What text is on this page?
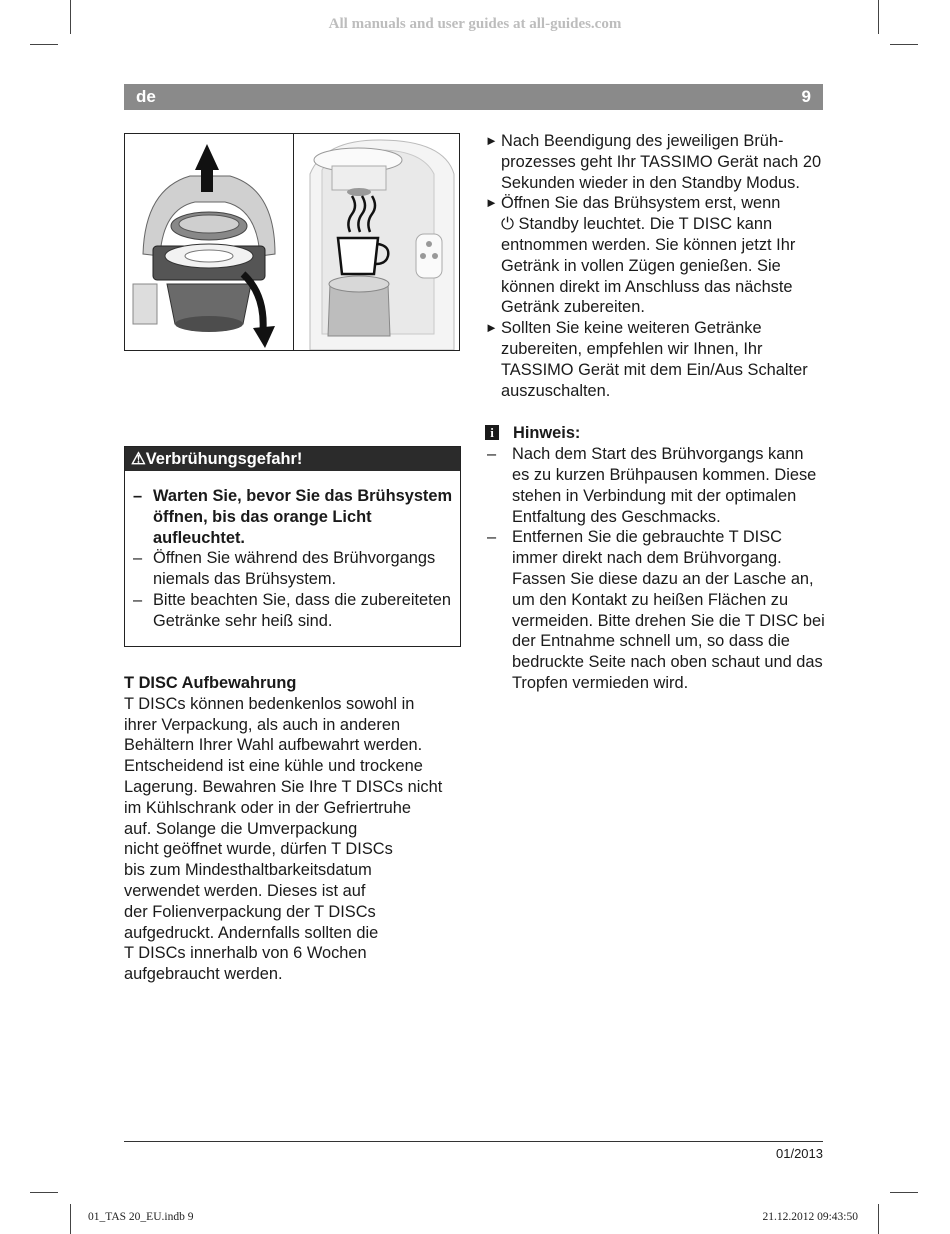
All manuals and user guides at all-guides.com
de	9
► Nach Beendigung des jeweiligen Brühprozesses geht Ihr TASSIMO Gerät nach 20 Sekunden wieder in den Standby Modus.
► Öffnen Sie das Brühsystem erst, wenn
⏻ Standby leuchtet. Die T DISC kann entnommen werden. Sie können jetzt Ihr Getränk in vollen Zügen genießen. Sie können direkt im Anschluss das nächste Getränk zubereiten.
► Sollten Sie keine weiteren Getränke zubereiten, empfehlen wir Ihnen, Ihr TASSIMO Gerät mit dem Ein/Aus Schalter auszuschalten.
i	Hinweis:
– Nach dem Start des Brühvorgangs kann es zu kurzen Brühpausen kommen. Diese stehen in Verbindung mit der optimalen Entfaltung des Geschmacks.
– Entfernen Sie die gebrauchte T DISC immer direkt nach dem Brühvorgang. Fassen Sie diese dazu an der Lasche an, um den Kontakt zu heißen Flächen zu vermeiden. Bitte drehen Sie die T DISC bei der Entnahme schnell um, so dass die bedruckte Seite nach oben schaut und das Tropfen vermieden wird.
⚠Verbrühungsgefahr!
– Warten Sie, bevor Sie das Brühsystem öffnen, bis das orange Licht aufleuchtet.
– Öffnen Sie während des Brühvorgangs niemals das Brühsystem.
– Bitte beachten Sie, dass die zubereiteten Getränke sehr heiß sind.
T DISC Aufbewahrung
T DISCs können bedenkenlos sowohl in
ihrer Verpackung, als auch in anderen
Behältern Ihrer Wahl aufbewahrt werden.
Entscheidend ist eine kühle und trockene
Lagerung. Bewahren Sie Ihre T DISCs nicht
im Kühlschrank oder in der Gefriertruhe
auf. Solange die Umverpackung
nicht geöffnet wurde, dürfen T DISCs
bis zum Mindesthaltbarkeitsdatum
verwendet werden. Dieses ist auf
der Folienverpackung der T DISCs
aufgedruckt. Andernfalls sollten die
T DISCs innerhalb von 6 Wochen
aufgebraucht werden.
01/2013
01_TAS 20_EU.indb 9	21.12.2012 09:43:50
